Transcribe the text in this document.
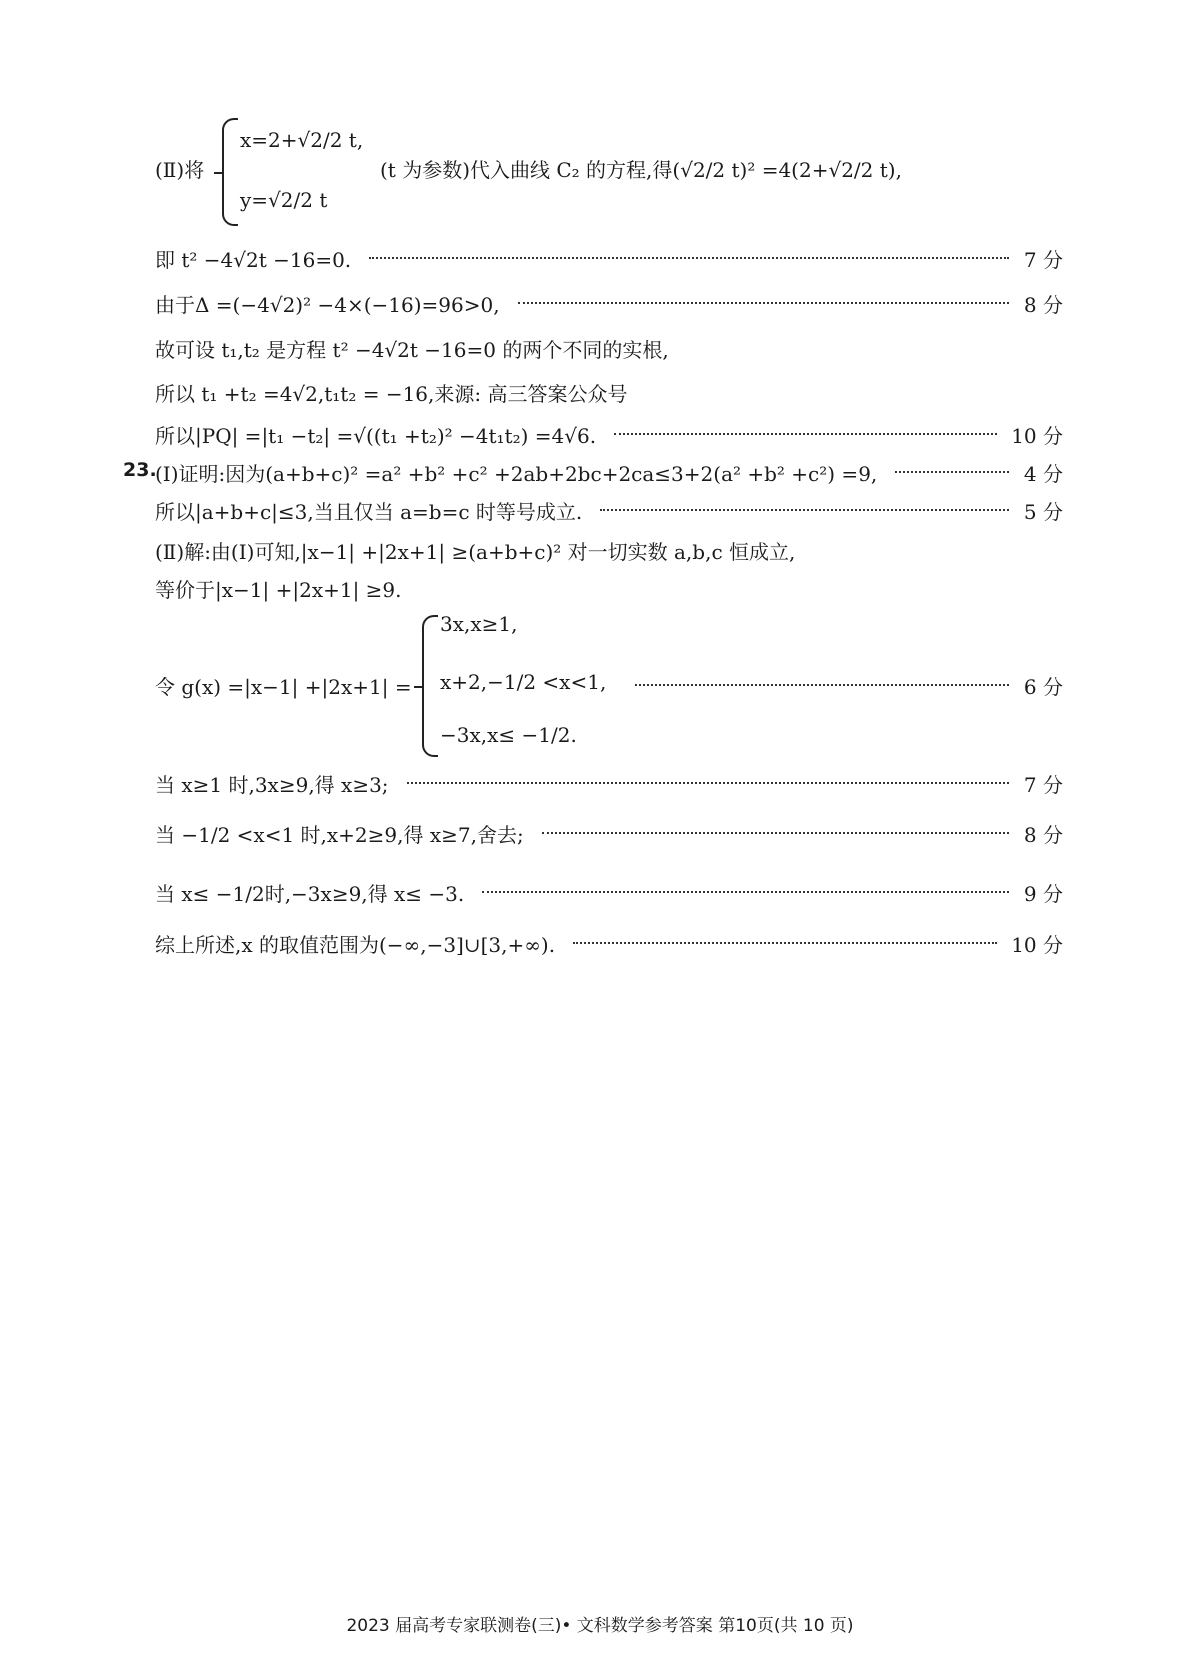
(Ⅱ)将
x=2+√2/2 t,
y=√2/2 t
(t 为参数)代入曲线 C₂ 的方程,得(√2/2 t)² =4(2+√2/2 t),
即 t² −4√2t −16=0.	7 分
由于Δ =(−4√2)² −4×(−16)=96>0,	8 分
故可设 t₁,t₂ 是方程 t² −4√2t −16=0 的两个不同的实根,
所以 t₁ +t₂ =4√2,t₁t₂ = −16,来源: 高三答案公众号
所以|PQ| =|t₁ −t₂| =√((t₁ +t₂)² −4t₁t₂) =4√6.	10 分
23.
(Ⅰ)证明:因为(a+b+c)² =a² +b² +c² +2ab+2bc+2ca≤3+2(a² +b² +c²) =9,	4 分
所以|a+b+c|≤3,当且仅当 a=b=c 时等号成立.	5 分
(Ⅱ)解:由(Ⅰ)可知,|x−1| +|2x+1| ≥(a+b+c)² 对一切实数 a,b,c 恒成立,
等价于|x−1| +|2x+1| ≥9.
令 g(x) =|x−1| +|2x+1| =	6 分
3x,x≥1,
x+2,−1/2 <x<1,
−3x,x≤ −1/2.
当 x≥1 时,3x≥9,得 x≥3;	7 分
当 −1/2 <x<1 时,x+2≥9,得 x≥7,舍去;	8 分
当 x≤ −1/2时,−3x≥9,得 x≤ −3.	9 分
综上所述,x 的取值范围为(−∞,−3]∪[3,+∞).	10 分
2023 届高考专家联测卷(三)• 文科数学参考答案 第10页(共 10 页)
